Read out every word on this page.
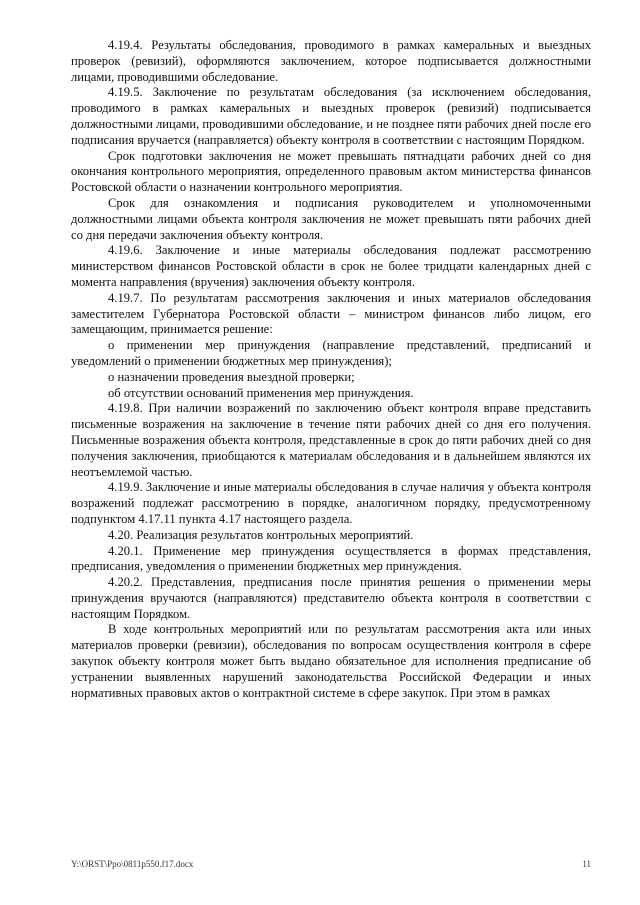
4.19.4. Результаты обследования, проводимого в рамках камеральных и выездных проверок (ревизий), оформляются заключением, которое подписывается должностными лицами, проводившими обследование.

4.19.5. Заключение по результатам обследования (за исключением обследования, проводимого в рамках камеральных и выездных проверок (ревизий) подписывается должностными лицами, проводившими обследование, и не позднее пяти рабочих дней после его подписания вручается (направляется) объекту контроля в соответствии с настоящим Порядком.

Срок подготовки заключения не может превышать пятнадцати рабочих дней со дня окончания контрольного мероприятия, определенного правовым актом министерства финансов Ростовской области о назначении контрольного мероприятия.

Срок для ознакомления и подписания руководителем и уполномоченными должностными лицами объекта контроля заключения не может превышать пяти рабочих дней со дня передачи заключения объекту контроля.

4.19.6. Заключение и иные материалы обследования подлежат рассмотрению министерством финансов Ростовской области в срок не более тридцати календарных дней с момента направления (вручения) заключения объекту контроля.

4.19.7. По результатам рассмотрения заключения и иных материалов обследования заместителем Губернатора Ростовской области – министром финансов либо лицом, его замещающим, принимается решение:

о применении мер принуждения (направление представлений, предписаний и уведомлений о применении бюджетных мер принуждения);

о назначении проведения выездной проверки;

об отсутствии оснований применения мер принуждения.

4.19.8. При наличии возражений по заключению объект контроля вправе представить письменные возражения на заключение в течение пяти рабочих дней со дня его получения. Письменные возражения объекта контроля, представленные в срок до пяти рабочих дней со дня получения заключения, приобщаются к материалам обследования и в дальнейшем являются их неотъемлемой частью.

4.19.9. Заключение и иные материалы обследования в случае наличия у объекта контроля возражений подлежат рассмотрению в порядке, аналогичном порядку, предусмотренному подпунктом 4.17.11 пункта 4.17 настоящего раздела.

4.20. Реализация результатов контрольных мероприятий.

4.20.1. Применение мер принуждения осуществляется в формах представления, предписания, уведомления о применении бюджетных мер принуждения.

4.20.2. Представления, предписания после принятия решения о применении меры принуждения вручаются (направляются) представителю объекта контроля в соответствии с настоящим Порядком.

В ходе контрольных мероприятий или по результатам рассмотрения акта или иных материалов проверки (ревизии), обследования по вопросам осуществления контроля в сфере закупок объекту контроля может быть выдано обязательное для исполнения предписание об устранении выявленных нарушений законодательства Российской Федерации и иных нормативных правовых актов о контрактной системе в сфере закупок. При этом в рамках

Y:\ORST\Ppo\0811p550.f17.docx	11
